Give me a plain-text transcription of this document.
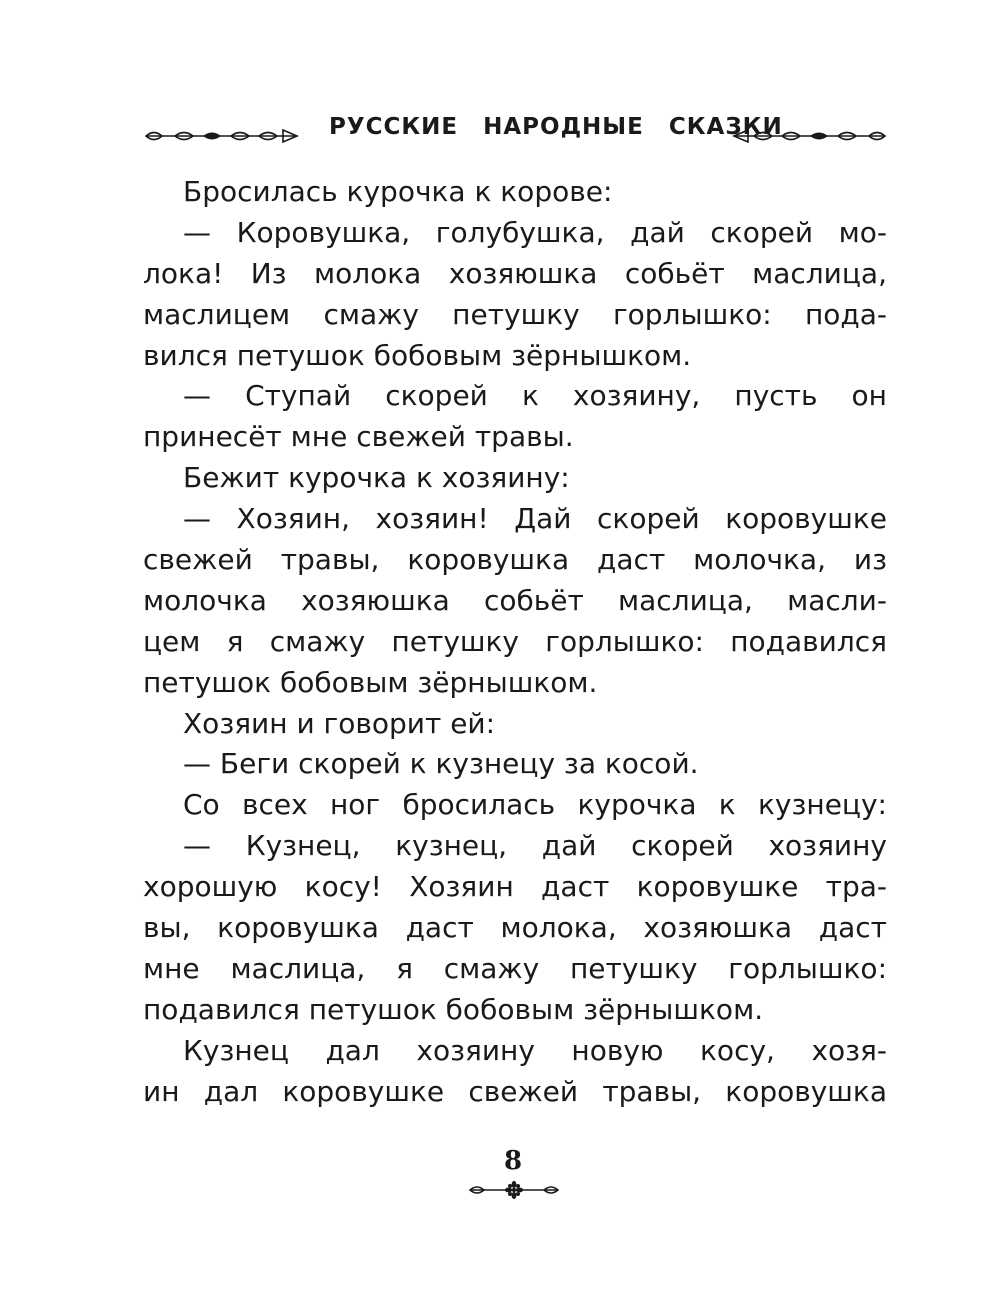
РУССКИЕ НАРОДНЫЕ СКАЗКИ
Бросилась курочка к корове:
— Коровушка, голубушка, дай скорей мо-
лока! Из молока хозяюшка собьёт маслица,
маслицем смажу петушку горлышко: пода-
вился петушок бобовым зёрнышком.
— Ступай скорей к хозяину, пусть он
принесёт мне свежей травы.
Бежит курочка к хозяину:
— Хозяин, хозяин! Дай скорей коровушке
свежей травы, коровушка даст молочка, из
молочка хозяюшка собьёт маслица, масли-
цем я смажу петушку горлышко: подавился
петушок бобовым зёрнышком.
Хозяин и говорит ей:
— Беги скорей к кузнецу за косой.
Со всех ног бросилась курочка к кузнецу:
— Кузнец, кузнец, дай скорей хозяину
хорошую косу! Хозяин даст коровушке тра-
вы, коровушка даст молока, хозяюшка даст
мне маслица, я смажу петушку горлышко:
подавился петушок бобовым зёрнышком.
Кузнец дал хозяину новую косу, хозя-
ин дал коровушке свежей травы, коровушка
8
